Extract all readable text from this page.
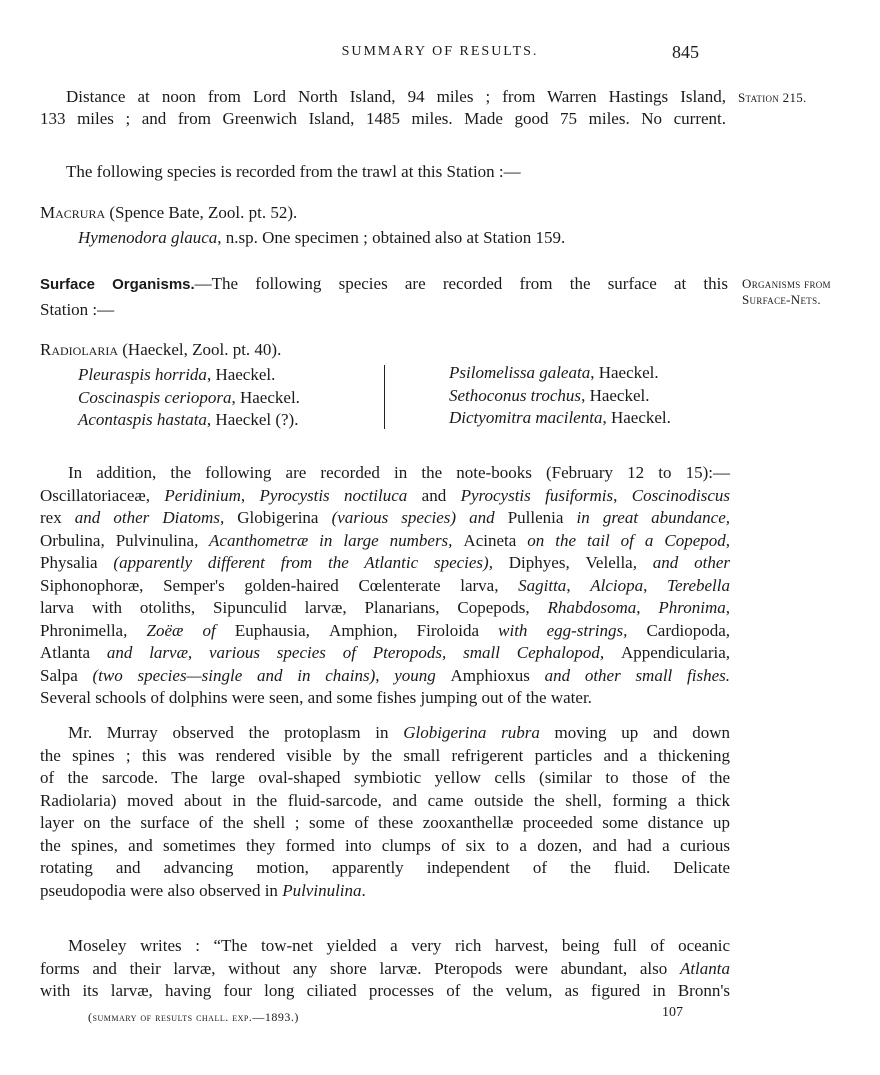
SUMMARY OF RESULTS.	845
Station 215.
Organisms from
Surface-Nets.
Distance at noon from Lord North Island, 94 miles ; from Warren Hastings Island,
133 miles ; and from Greenwich Island, 1485 miles. Made good 75 miles. No current.
The following species is recorded from the trawl at this Station :—
Macrura (Spence Bate, Zool. pt. 52).
Hymenodora glauca, n.sp. One specimen ; obtained also at Station 159.
Surface Organisms.—The following species are recorded from the surface at this
Station :—
Radiolaria (Haeckel, Zool. pt. 40).
Pleuraspis horrida, Haeckel.
Coscinaspis ceriopora, Haeckel.
Acontaspis hastata, Haeckel (?).
Psilomelissa galeata, Haeckel.
Sethoconus trochus, Haeckel.
Dictyomitra macilenta, Haeckel.
In addition, the following are recorded in the note-books (February 12 to 15):—
Oscillatoriaceæ, Peridinium, Pyrocystis noctiluca and Pyrocystis fusiformis, Coscinodiscus
rex and other Diatoms, Globigerina (various species) and Pullenia in great abundance,
Orbulina, Pulvinulina, Acanthometræ in large numbers, Acineta on the tail of a Copepod,
Physalia (apparently different from the Atlantic species), Diphyes, Velella, and other
Siphonophoræ, Semper's golden-haired Cœlenterate larva, Sagitta, Alciopa, Terebella
larva with otoliths, Sipunculid larvæ, Planarians, Copepods, Rhabdosoma, Phronima,
Phronimella, Zoëæ of Euphausia, Amphion, Firoloida with egg-strings, Cardiopoda,
Atlanta and larvæ, various species of Pteropods, small Cephalopod, Appendicularia,
Salpa (two species—single and in chains), young Amphioxus and other small fishes.
Several schools of dolphins were seen, and some fishes jumping out of the water.
Mr. Murray observed the protoplasm in Globigerina rubra moving up and down
the spines ; this was rendered visible by the small refrigerent particles and a thickening
of the sarcode. The large oval-shaped symbiotic yellow cells (similar to those of the
Radiolaria) moved about in the fluid-sarcode, and came outside the shell, forming a thick
layer on the surface of the shell ; some of these zooxanthellæ proceeded some distance up
the spines, and sometimes they formed into clumps of six to a dozen, and had a curious
rotating and advancing motion, apparently independent of the fluid. Delicate
pseudopodia were also observed in Pulvinulina.
Moseley writes : “The tow-net yielded a very rich harvest, being full of oceanic
forms and their larvæ, without any shore larvæ. Pteropods were abundant, also Atlanta
with its larvæ, having four long ciliated processes of the velum, as figured in Bronn's
(summary of results chall. exp.—1893.)	107
